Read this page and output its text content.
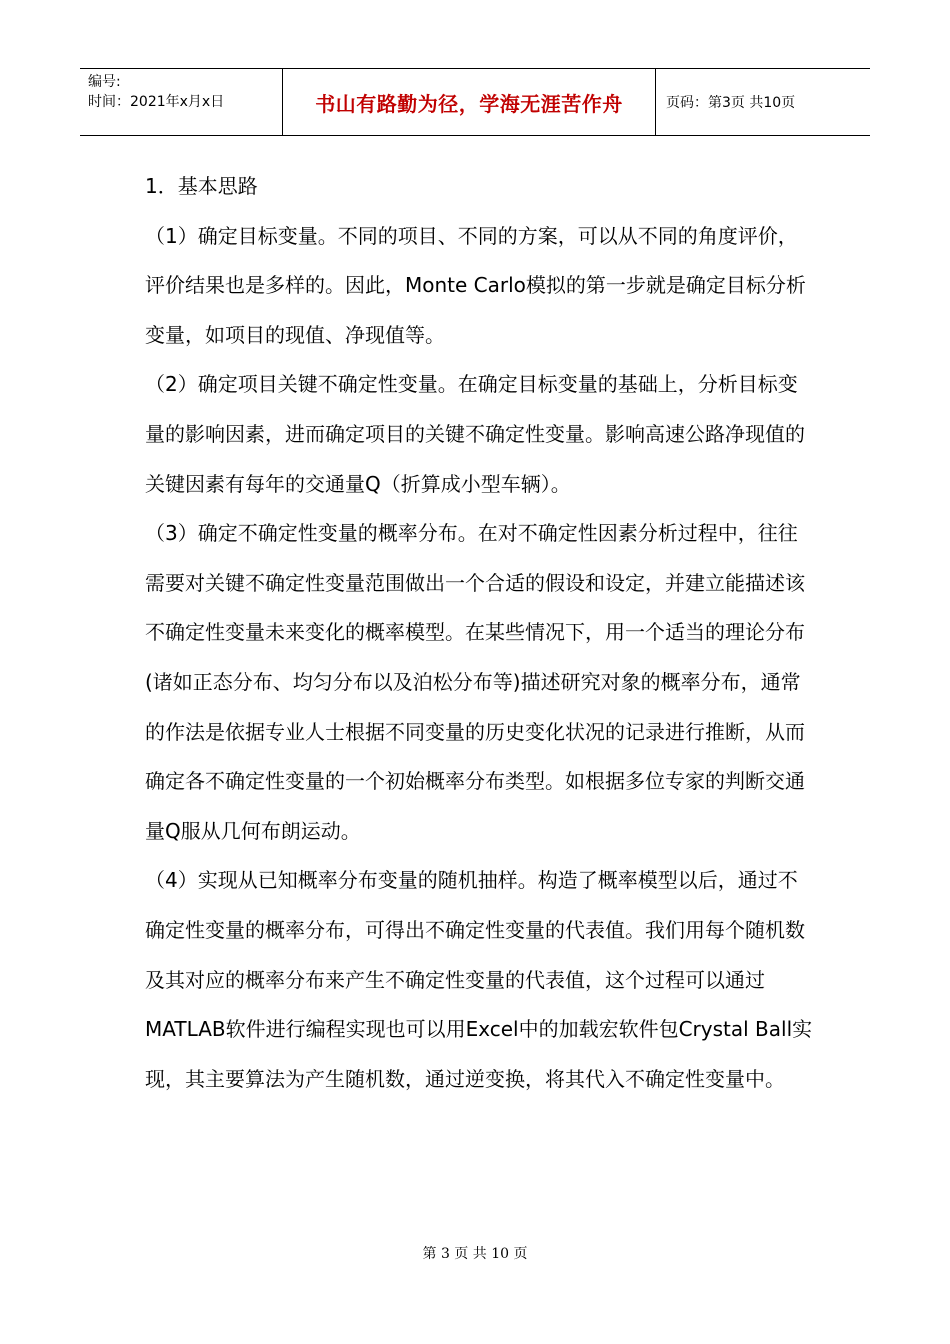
编号:
时间：2021年x月x日	书山有路勤为径，学海无涯苦作舟	页码：第3页 共10页

1．基本思路

（1）确定目标变量。不同的项目、不同的方案，可以从不同的角度评价，评价结果也是多样的。因此，Monte Carlo模拟的第一步就是确定目标分析变量，如项目的现值、净现值等。

（2）确定项目关键不确定性变量。在确定目标变量的基础上，分析目标变量的影响因素，进而确定项目的关键不确定性变量。影响高速公路净现值的关键因素有每年的交通量Q（折算成小型车辆）。

（3）确定不确定性变量的概率分布。在对不确定性因素分析过程中，往往需要对关键不确定性变量范围做出一个合适的假设和设定，并建立能描述该不确定性变量未来变化的概率模型。在某些情况下，用一个适当的理论分布(诸如正态分布、均匀分布以及泊松分布等)描述研究对象的概率分布，通常的作法是依据专业人士根据不同变量的历史变化状况的记录进行推断，从而确定各不确定性变量的一个初始概率分布类型。如根据多位专家的判断交通量Q服从几何布朗运动。

（4）实现从已知概率分布变量的随机抽样。构造了概率模型以后，通过不确定性变量的概率分布，可得出不确定性变量的代表值。我们用每个随机数及其对应的概率分布来产生不确定性变量的代表值，这个过程可以通过MATLAB软件进行编程实现也可以用Excel中的加载宏软件包Crystal Ball实现，其主要算法为产生随机数，通过逆变换，将其代入不确定性变量中。

第 3 页 共 10 页
